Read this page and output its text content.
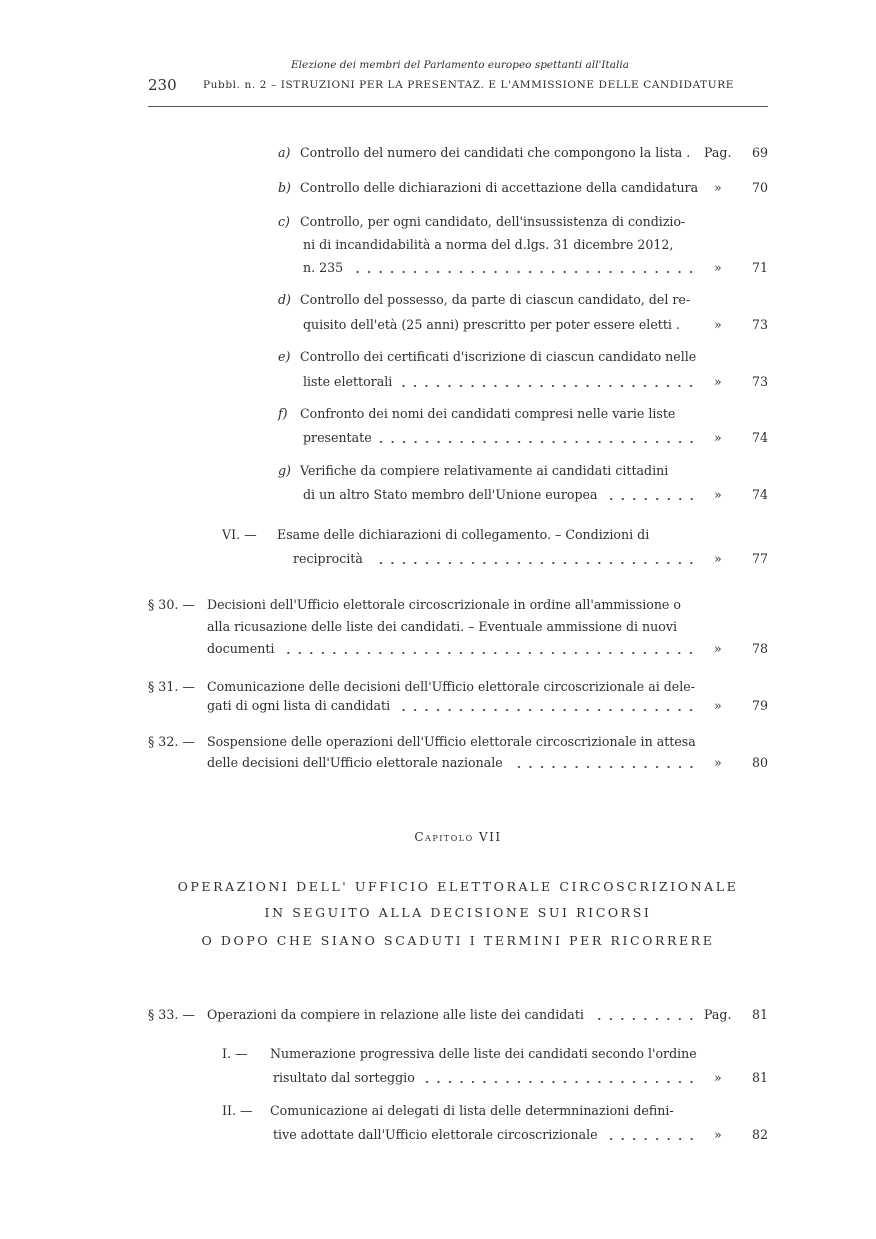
Elezione dei membri del Parlamento europeo spettanti all'Italia
230	Pubbl. n. 2 – ISTRUZIONI PER LA PRESENTAZ. E L'AMMISSIONE DELLE CANDIDATURE
a) Controllo del numero dei candidati che compongono la lista . Pag.	69
b) Controllo delle dichiarazioni di accettazione della candidatura »	70
c) Controllo, per ogni candidato, dell'insussistenza di condizio-
ni di incandidabilità a norma del d.lgs. 31 dicembre 2012,
n. 235	»	71
d) Controllo del possesso, da parte di ciascun candidato, del re-
quisito dell'età (25 anni) prescritto per poter essere eletti .	»	73
e) Controllo dei certificati d'iscrizione di ciascun candidato nelle
liste elettorali	»	73
f) Confronto dei nomi dei candidati compresi nelle varie liste
presentate	»	74
g) Verifiche da compiere relativamente ai candidati cittadini
di un altro Stato membro dell'Unione europea	»	74
VI. — Esame delle dichiarazioni di collegamento. – Condizioni di
reciprocità	»	77
§ 30. — Decisioni dell'Ufficio elettorale circoscrizionale in ordine all'ammissione o
alla ricusazione delle liste dei candidati. – Eventuale ammissione di nuovi
documenti	»	78
§ 31. — Comunicazione delle decisioni dell'Ufficio elettorale circoscrizionale ai dele-
gati di ogni lista di candidati	»	79
§ 32. — Sospensione delle operazioni dell'Ufficio elettorale circoscrizionale in attesa
delle decisioni dell'Ufficio elettorale nazionale	»	80
§ 33. — Operazioni da compiere in relazione alle liste dei candidati	Pag.	81
I. — Numerazione progressiva delle liste dei candidati secondo l'ordine
risultato dal sorteggio	»	81
II. — Comunicazione ai delegati di lista delle determninazioni defini-
tive adottate dall'Ufficio elettorale circoscrizionale	»	82
Capitolo VII
OPERAZIONI DELL' UFFICIO ELETTORALE CIRCOSCRIZIONALE
IN SEGUITO ALLA DECISIONE SUI RICORSI
O DOPO CHE SIANO SCADUTI I TERMINI PER RICORRERE
